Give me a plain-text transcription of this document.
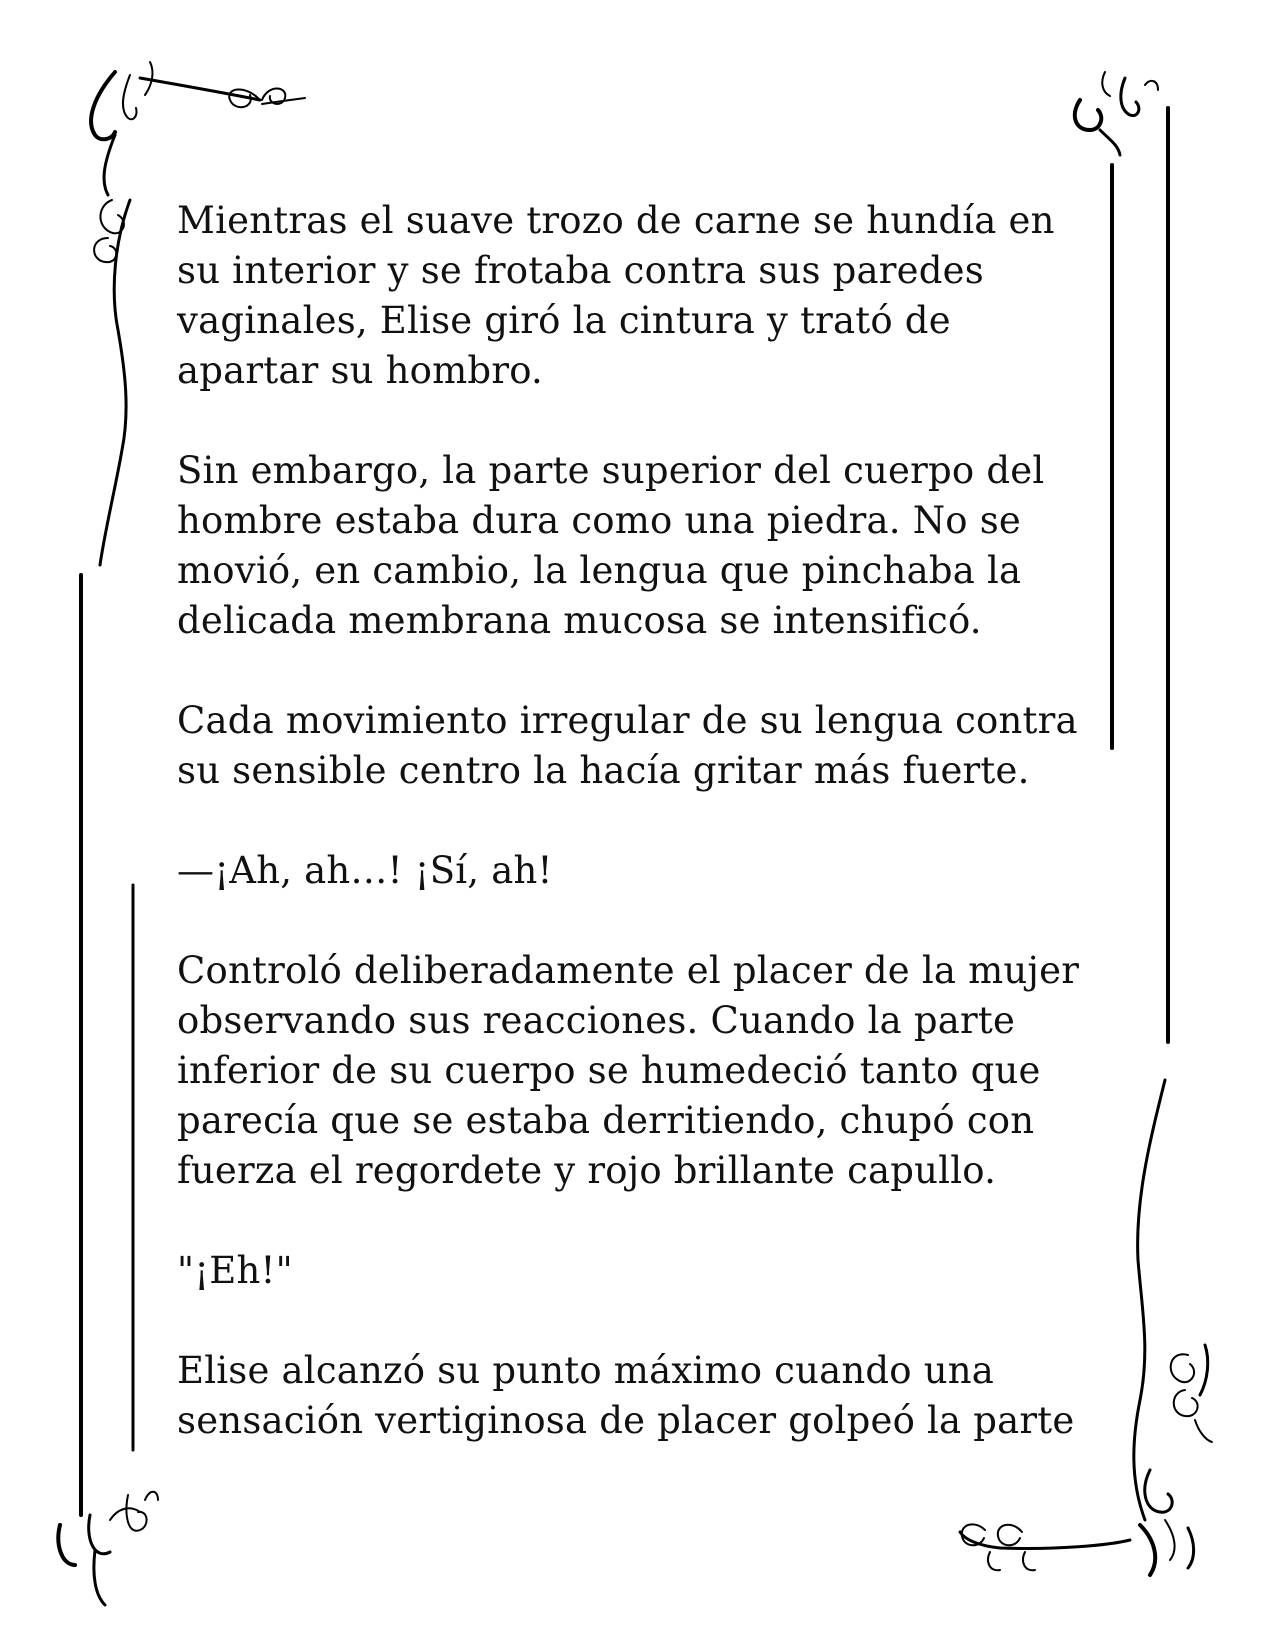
Mientras el suave trozo de carne se hundía en
su interior y se frotaba contra sus paredes
vaginales, Elise giró la cintura y trató de
apartar su hombro.
Sin embargo, la parte superior del cuerpo del
hombre estaba dura como una piedra. No se
movió, en cambio, la lengua que pinchaba la
delicada membrana mucosa se intensificó.
Cada movimiento irregular de su lengua contra
su sensible centro la hacía gritar más fuerte.
—¡Ah, ah…! ¡Sí, ah!
Controló deliberadamente el placer de la mujer
observando sus reacciones. Cuando la parte
inferior de su cuerpo se humedeció tanto que
parecía que se estaba derritiendo, chupó con
fuerza el regordete y rojo brillante capullo.
"¡Eh!"
Elise alcanzó su punto máximo cuando una
sensación vertiginosa de placer golpeó la parte
